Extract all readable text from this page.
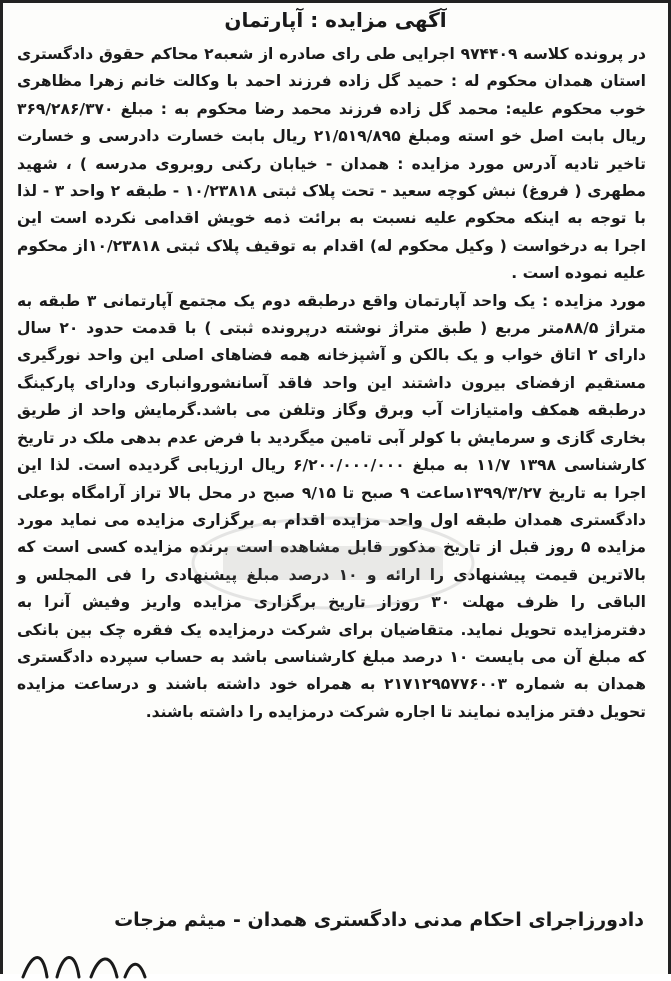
آگهی مزایده : آپارتمان

در پرونده کلاسه ۹۷۴۴۰۹ اجرایی طی رای صادره از شعبه۲ محاکم حقوق دادگستری استان همدان محکوم له : حمید گل زاده فرزند احمد با وکالت خانم زهرا مظاهری خوب محکوم علیه: محمد گل زاده فرزند محمد رضا محکوم به : مبلغ ۳۶۹/۲۸۶/۳۷۰ ریال بابت اصل خو استه ومبلغ ۲۱/۵۱۹/۸۹۵ ریال بابت خسارت دادرسی و خسارت تاخیر تادیه آدرس مورد مزایده : همدان - خیابان رکنی روبروی مدرسه ) ، شهید مطهری ( فروغ) نبش کوچه سعید - تحت پلاک ثبتی ۱۰/۲۳۸۱۸ - طبقه ۲ واحد ۳ - لذا با توجه به اینکه محکوم علیه نسبت به برائت ذمه خویش اقدامی نکرده است این اجرا به درخواست ( وکیل محکوم له) اقدام به توقیف پلاک ثبتی ۱۰/۲۳۸۱۸از محکوم علیه نموده است .

مورد مزایده : یک واحد آپارتمان واقع درطبقه دوم یک مجتمع آپارتمانی ۳ طبقه به متراژ ۸۸/۵متر مربع ( طبق متراژ نوشته درپرونده ثبتی ) با قدمت حدود ۲۰ سال دارای ۲ اتاق خواب و یک بالکن و آشپزخانه همه فضاهای اصلی این واحد نورگیری مستقیم ازفضای بیرون داشتند این واحد فاقد آسانشوروانباری ودارای پارکینگ درطبقه همکف وامتیازات آب وبرق وگاز وتلفن می باشد.گرمایش واحد از طریق بخاری گازی و سرمایش با کولر آبی تامین میگردید با فرض عدم بدهی ملک در تاریخ کارشناسی ۱۳۹۸ ۱۱/۷ به مبلغ ۶/۲۰۰/۰۰۰/۰۰۰ ریال ارزیابی گردیده است. لذا این اجرا به تاریخ ۱۳۹۹/۳/۲۷ساعت ۹ صبح تا ۹/۱۵ صبح در محل بالا تراز آرامگاه بوعلی دادگستری همدان طبقه اول واحد مزایده اقدام به برگزاری مزایده می نماید مورد مزایده ۵ روز قبل از تاریخ مذکور قابل مشاهده است برنده مزایده کسی است که بالاترین قیمت پیشنهادی را ارائه و ۱۰ درصد مبلغ پیشنهادی را فی المجلس و الباقی را ظرف مهلت ۳۰ روزاز تاریخ برگزاری مزایده واریز وفیش آنرا به دفترمزایده تحویل نماید. متقاضیان برای شرکت درمزایده یک فقره چک بین بانکی که مبلغ آن می بایست ۱۰ درصد مبلغ کارشناسی باشد به حساب سپرده دادگستری همدان به شماره ۲۱۷۱۲۹۵۷۷۶۰۰۳ به همراه خود داشته باشند و درساعت مزایده تحویل دفتر مزایده نمایند تا اجاره شرکت درمزایده را داشته باشند.

دادورزاجرای احکام مدنی دادگستری همدان - میثم مزجات
